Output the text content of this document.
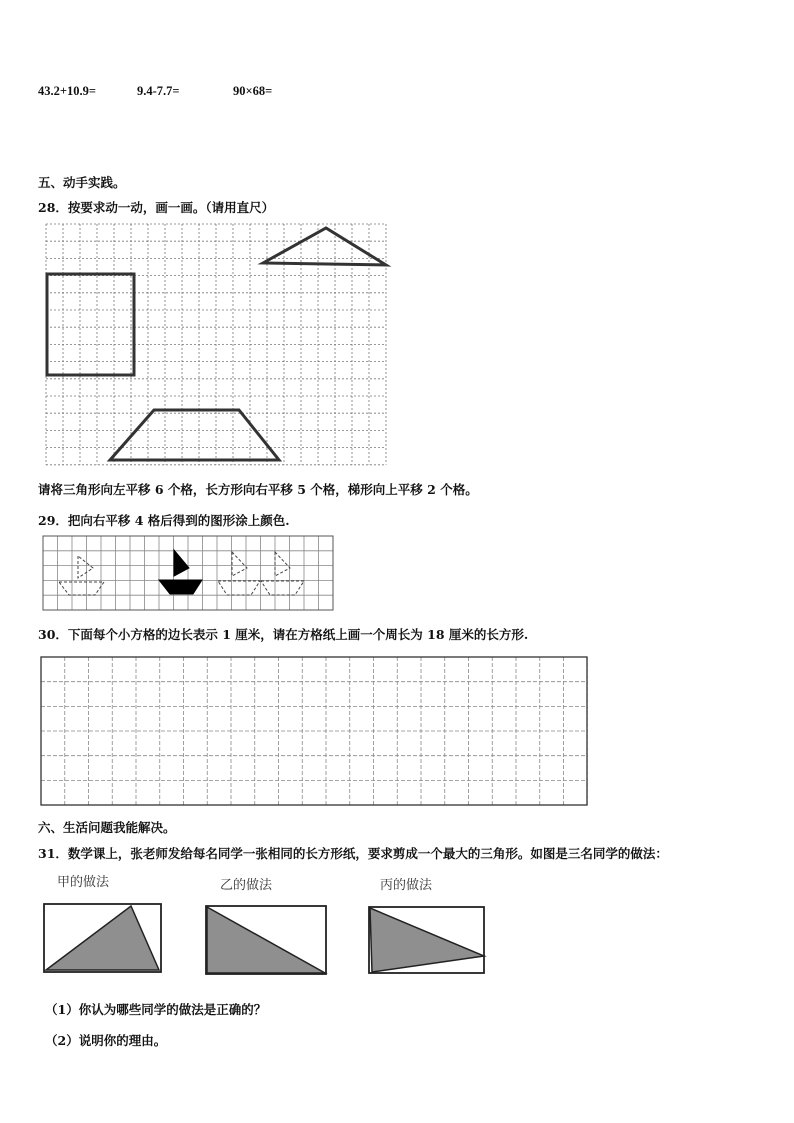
43.2+10.9=	9.4-7.7=	90×68=
五、动手实践。
28．按要求动一动，画一画。（请用直尺）
请将三角形向左平移 6 个格，长方形向右平移 5 个格，梯形向上平移 2 个格。
29．把向右平移 4 格后得到的图形涂上颜色.
30．下面每个小方格的边长表示 1 厘米，请在方格纸上画一个周长为 18 厘米的长方形.
六、生活问题我能解决。
31．数学课上，张老师发给每名同学一张相同的长方形纸，要求剪成一个最大的三角形。如图是三名同学的做法：
甲的做法	乙的做法	丙的做法
（1）你认为哪些同学的做法是正确的？
（2）说明你的理由。
